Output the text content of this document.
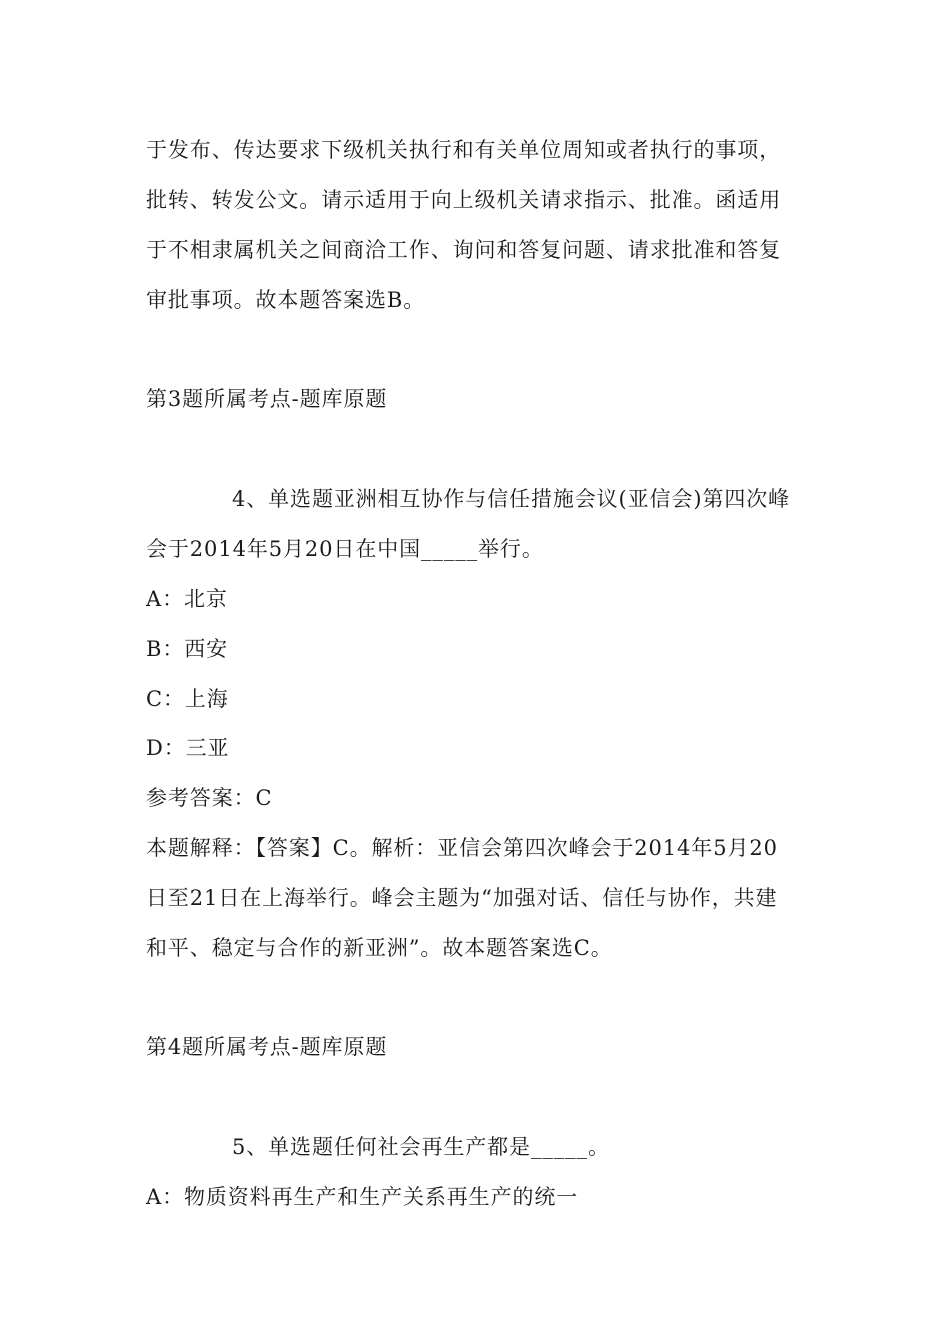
于发布、传达要求下级机关执行和有关单位周知或者执行的事项，
批转、转发公文。请示适用于向上级机关请求指示、批准。函适用
于不相隶属机关之间商洽工作、询问和答复问题、请求批准和答复
审批事项。故本题答案选B。
第3题所属考点-题库原题
4、单选题亚洲相互协作与信任措施会议(亚信会)第四次峰
会于2014年5月20日在中国_____举行。
A：北京
B：西安
C：上海
D：三亚
参考答案：C
本题解释：【答案】C。解析：亚信会第四次峰会于2014年5月20
日至21日在上海举行。峰会主题为“加强对话、信任与协作，共建
和平、稳定与合作的新亚洲”。故本题答案选C。
第4题所属考点-题库原题
5、单选题任何社会再生产都是_____。
A：物质资料再生产和生产关系再生产的统一
